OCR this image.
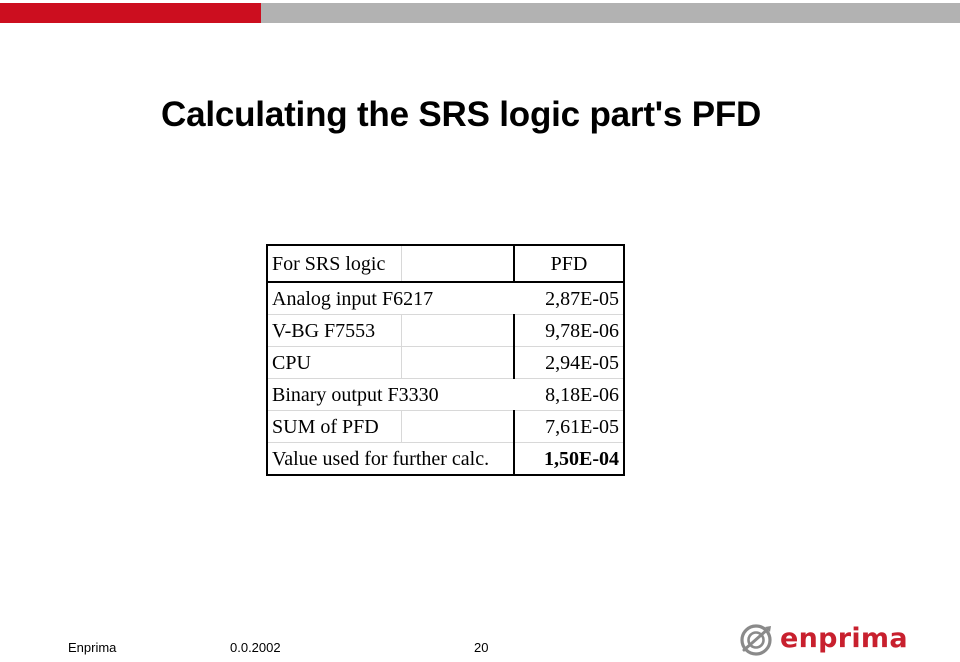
Calculating the SRS logic part's PFD
For SRS logic		PFD
Analog input F6217		2,87E-05
V-BG F7553		9,78E-06
CPU		2,94E-05
Binary output F3330		8,18E-06
SUM of PFD		7,61E-05
Value used for further calc.		1,50E-04
Enprima	0.0.2002	20	enprima
